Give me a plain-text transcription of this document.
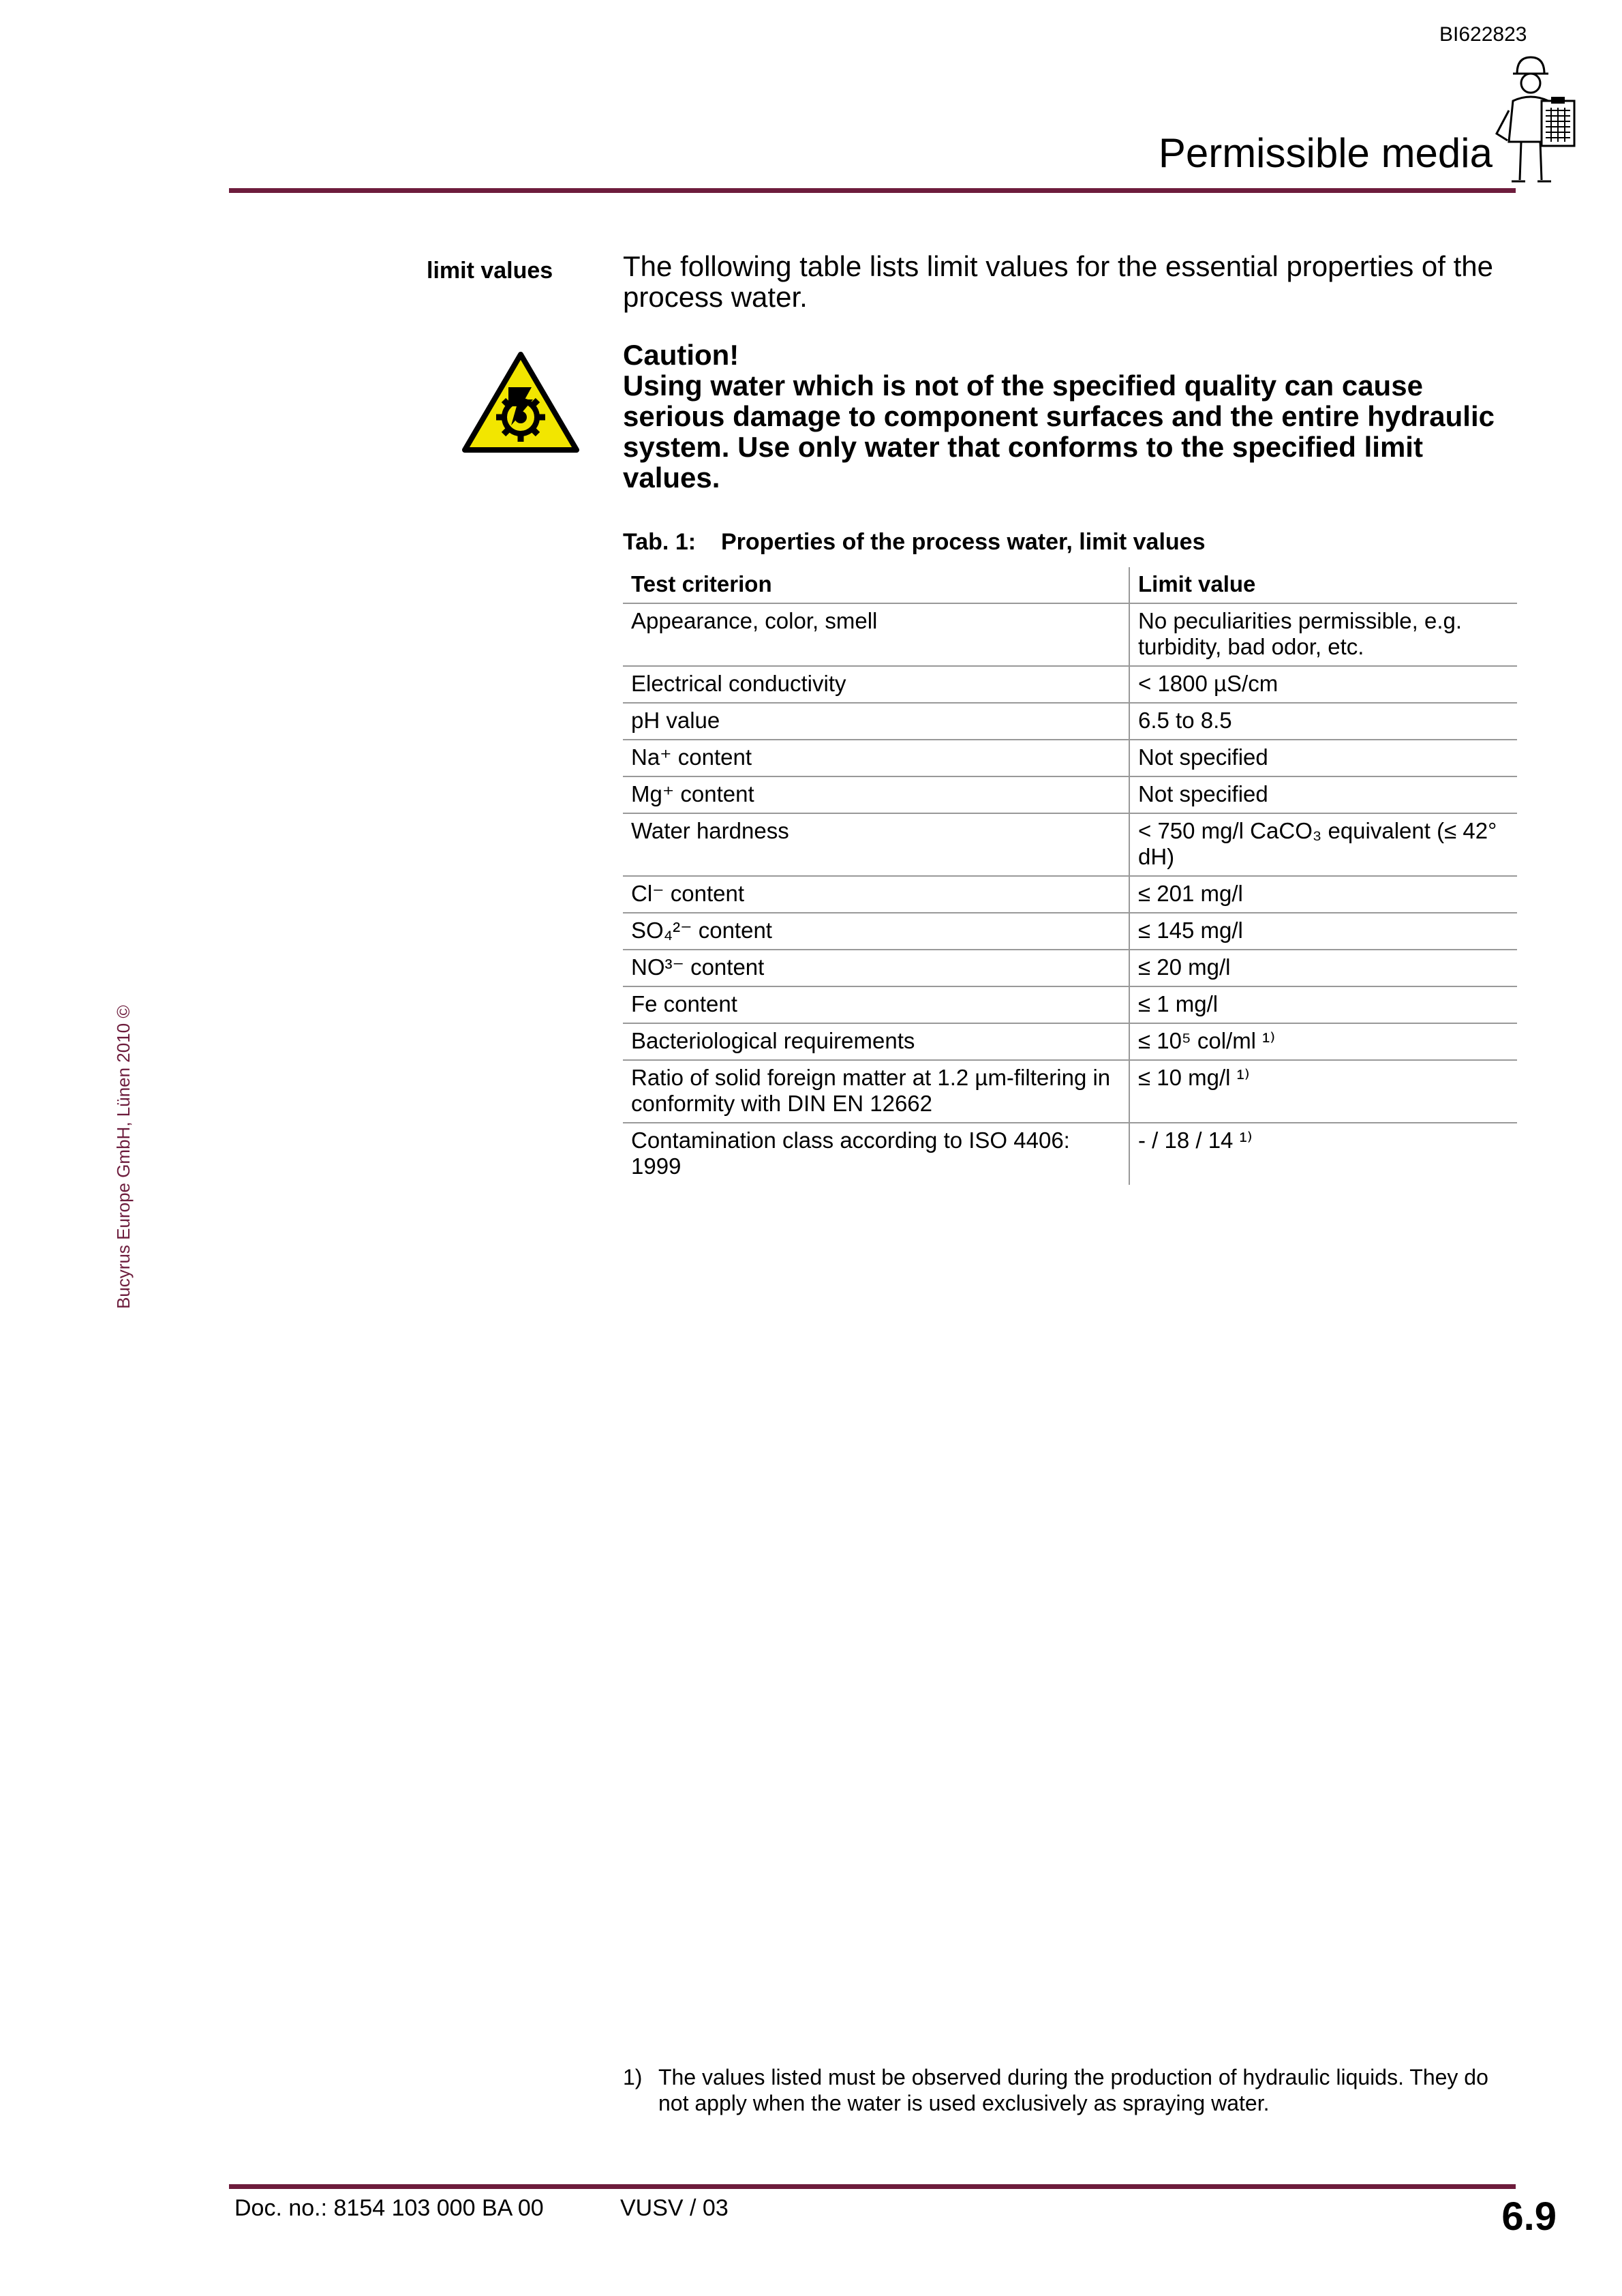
BI622823
Permissible media
Bucyrus Europe GmbH, Lünen 2010 ©
limit values The following table lists limit values for the essential properties of the process water.
Caution!
Using water which is not of the specified quality can cause serious damage to component surfaces and the entire hydraulic system. Use only water that conforms to the specified limit values.
Tab. 1: Properties of the process water, limit values
Test criterion	Limit value
Appearance, color, smell	No peculiarities permissible, e.g. turbidity, bad odor, etc.
Electrical conductivity	< 1800 µS/cm
pH value	6.5 to 8.5
Na⁺ content	Not specified
Mg⁺ content	Not specified
Water hardness	< 750 mg/l CaCO₃ equivalent (≤ 42° dH)
Cl⁻ content	≤ 201 mg/l
SO₄²⁻ content	≤ 145 mg/l
NO³⁻ content	≤ 20 mg/l
Fe content	≤ 1 mg/l
Bacteriological requirements	≤ 10⁵ col/ml ¹⁾
Ratio of solid foreign matter at 1.2 µm-filtering in conformity with DIN EN 12662	≤ 10 mg/l ¹⁾
Contamination class according to ISO 4406: 1999	- / 18 / 14 ¹⁾
1) The values listed must be observed during the production of hydraulic liquids. They do not apply when the water is used exclusively as spraying water.
Doc. no.: 8154 103 000 BA 00	VUSV / 03	6.9
